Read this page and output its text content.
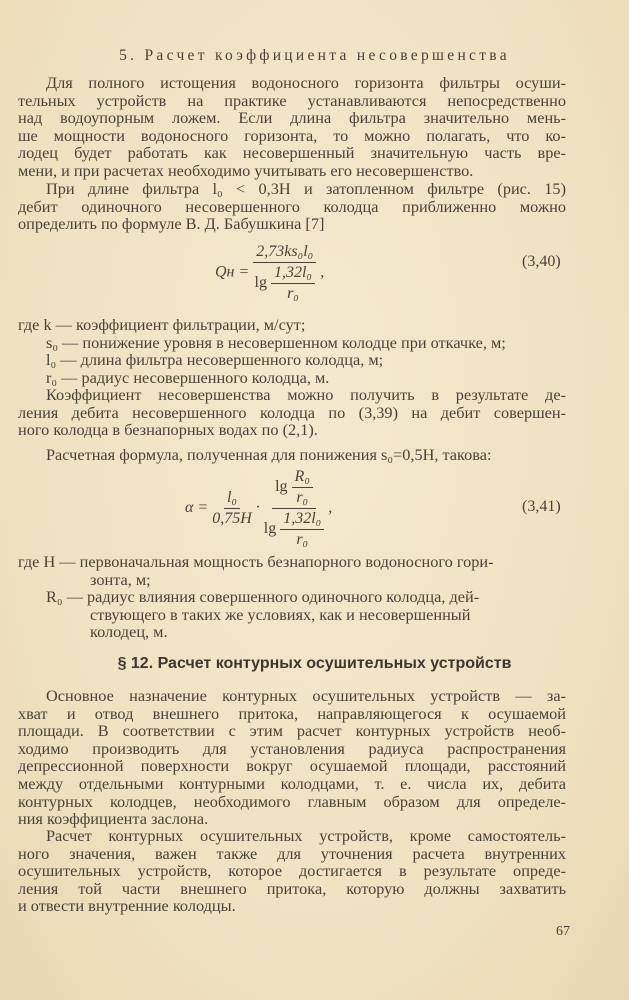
5. Расчет коэффициента несовершенства
Для полного истощения водоносного горизонта фильтры осуши-
тельных устройств на практике устанавливаются непосредственно
над водоупорным ложем. Если длина фильтра значительно мень-
ше мощности водоносного горизонта, то можно полагать, что ко-
лодец будет работать как несовершенный значительную часть вре-
мени, и при расчетах необходимо учитывать его несовершенство.
При длине фильтра l₀ < 0,3H и затопленном фильтре (рис. 15)
дебит одиночного несовершенного колодца приближенно можно
определить по формуле В. Д. Бабушкина [7]
где k — коэффициент фильтрации, м/сут;
s₀ — понижение уровня в несовершенном колодце при откачке, м;
l₀ — длина фильтра несовершенного колодца, м;
r₀ — радиус несовершенного колодца, м.
Коэффициент несовершенства можно получить в результате де-
ления дебита несовершенного колодца по (3,39) на дебит совершен-
ного колодца в безнапорных водах по (2,1).
Расчетная формула, полученная для понижения s₀=0,5H, такова:
где H — первоначальная мощность безнапорного водоносного гори-
зонта, м;
R₀ — радиус влияния совершенного одиночного колодца, дей-
ствующего в таких же условиях, как и несовершенный
колодец, м.
Основное назначение контурных осушительных устройств — за-
хват и отвод внешнего притока, направляющегося к осушаемой
площади. В соответствии с этим расчет контурных устройств необ-
ходимо производить для установления радиуса распространения
депрессионной поверхности вокруг осушаемой площади, расстояний
между отдельными контурными колодцами, т. е. числа их, дебита
контурных колодцев, необходимого главным образом для определе-
ния коэффициента заслона.
Расчет контурных осушительных устройств, кроме самостоятель-
ного значения, важен также для уточнения расчета внутренних
осушительных устройств, которое достигается в результате опреде-
ления той части внешнего притока, которую должны захватить
и отвести внутренние колодцы.
Qн = $\frac{\text{2,73ks₀l₀}}{\lg \frac{\text{1,32l₀}}{\text{r₀}}}$ ,
(3,40)
$\alpha = \frac{\text{l₀}}{0,75H} \cdot \frac{\lg \frac{\text{R₀}}{\text{r₀}}}{\lg \frac{\text{1,32l₀}}{\text{r₀}}}$ ,	(3,41)
§ 12. Расчет контурных осушительных устройств
67
